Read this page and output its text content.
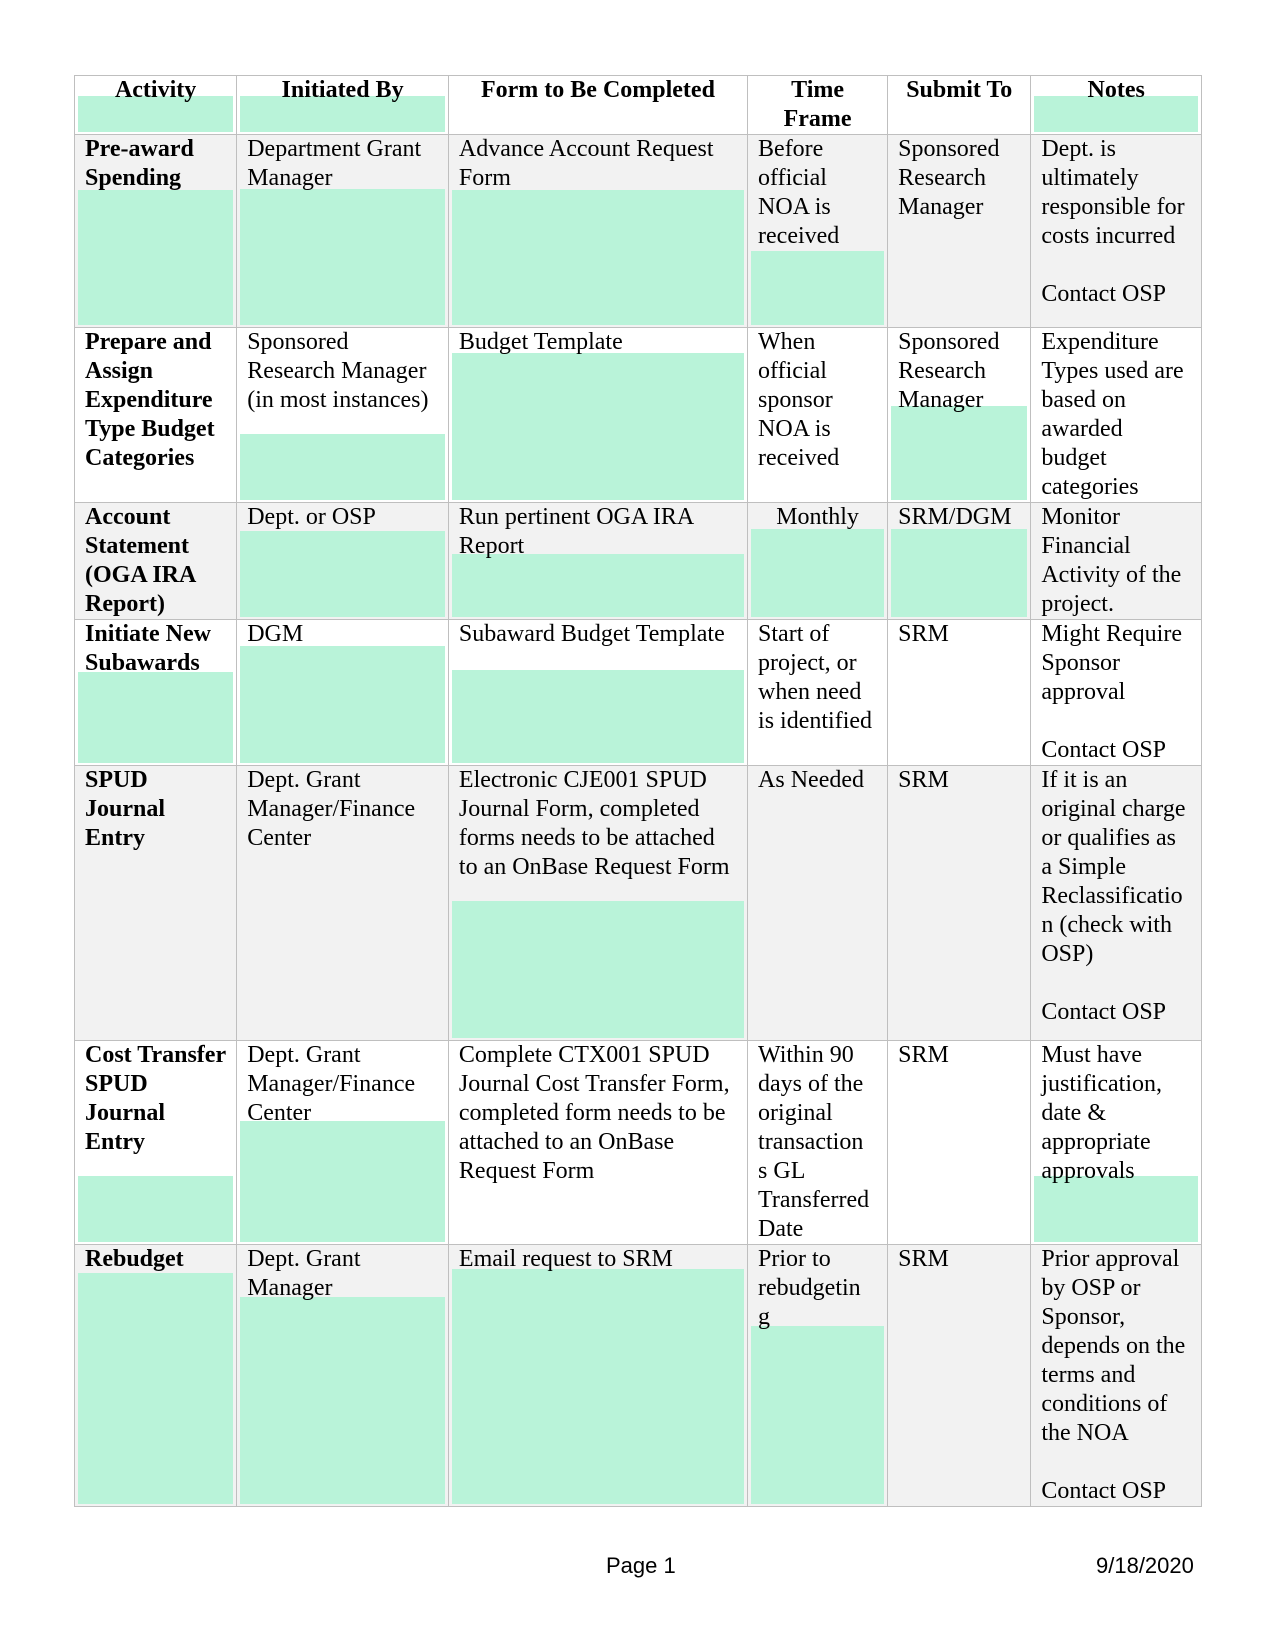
Activity	Initiated By	Form to Be Completed	Time Frame	Submit To	Notes

Pre-award Spending	Department Grant Manager	Advance Account Request Form	Before official NOA is received	Sponsored Research Manager	Dept. is ultimately responsible for costs incurred

Contact OSP

Prepare and Assign Expenditure Type Budget Categories	Sponsored Research Manager (in most instances)	Budget Template	When official sponsor NOA is received	Sponsored Research Manager	Expenditure Types used are based on awarded budget categories

Account Statement (OGA IRA Report)	Dept. or OSP	Run pertinent OGA IRA Report	Monthly	SRM/DGM	Monitor Financial Activity of the project.

Initiate New Subawards	DGM	Subaward Budget Template	Start of project, or when need is identified	SRM	Might Require Sponsor approval

Contact OSP

SPUD Journal Entry	Dept. Grant Manager/Finance Center	Electronic CJE001 SPUD Journal Form, completed forms needs to be attached to an OnBase Request Form	As Needed	SRM	If it is an original charge or qualifies as a Simple Reclassificatio n (check with OSP)

Contact OSP

Cost Transfer SPUD Journal Entry	Dept. Grant Manager/Finance Center	Complete CTX001 SPUD Journal Cost Transfer Form, completed form needs to be attached to an OnBase Request Form	Within 90 days of the original transaction s GL Transferred Date	SRM	Must have justification, date & appropriate approvals

Rebudget	Dept. Grant Manager	Email request to SRM	Prior to rebudgetin g	SRM	Prior approval by OSP or Sponsor, depends on the terms and conditions of the NOA

Contact OSP
Page 1	9/18/2020
